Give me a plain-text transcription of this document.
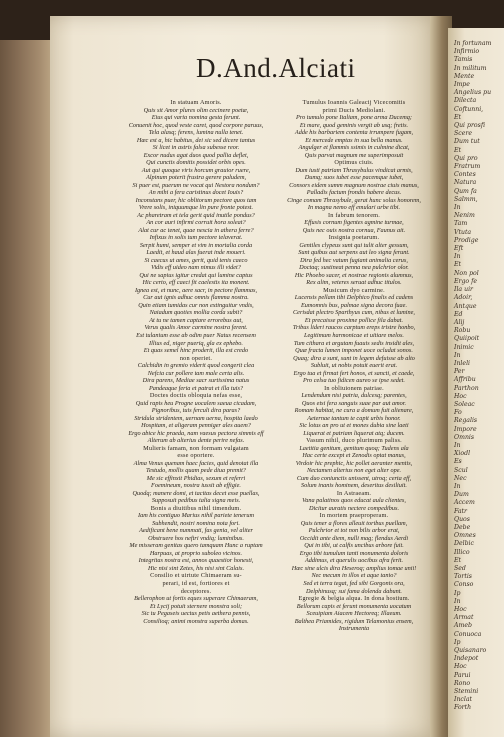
In fortunam
Infirmio
Tamis
In militum
Mente
Impe
Angelius pu
Dilecta
Coftunni,
Et
Qui prosfi
Scere
Dum tut
Et
Qui pro
Fratrum
Contes
Natura
Qum fa
Salmm,
In
Nenim
Tam
Vtuta
Prodige
Eft
In
Et
Non pol
Ergo fe
Ila uir
Adoir,
Antque
Ed
Alij
Robu
Quiipoit
Inimic
In
Inleli
Per
Affribu
Parthon
Hoc
Soleac
Fo
Regalis
Impore
Omnis
In
Xiodl
Es
Scul
Nec
In
Dum
Accem
Fatr
Quos
Debe
Omnes
Delbic
Illico
Et
Sed
Tortis
Conso
Ip
In
Hoc
Armat
Ameb
Conuoca
Ip
Quisanaro
Indepot
Hoc
Parui
Rono
Stemini
Inclat
Forth
D.And.Alciati
In statuam Amoris.
Quis sit Amor plures olim cecinere poetæ,
Eius qui varia nomina gesta ferunt.
Conuenit hoc, quod veste caret, quod corpore paruus,
Tela alasq; ferens, lumina nulla tenet.
Hæc est a, hic habitus, dei sic sed dicere tantus
Si licet in astris falsa subesse reor.
Excor nudus agat duos quod pallia deflet,
Qui cunctis domitis possidet orbis opes.
Aut qui quoque viris horcum grauior ruere,
Alpinum poterit frustra gerere paludem,
Si puer est, puerum ne vocat qui Nestora nondum?
An mihi a fera caristinus docet Iouis?
Inconstans puer, hic oblitorum pectore quos tam
Vrere solis, iniquumque lin pure fronte potest.
Ac pharetram et tela gerit quid inutile pondus?
An cor auri infirmi corruit hora soleat?
Alat cur ac tenet, quae nescia in athera ferre?
Infixus in solis tum pectore telaverat.
Serpit humi, semper et vim in mortalia corda
Laedit, et haud alas fuerat inde moueri.
Si caecus ut ames, gerit, quid tenis caeco
Vidis eff uideo nam nimus illi videt?
Qui ne sapius igitur credat qui lumine captus
Hic certo, eff caeci fit caelestis ita monent.
Ignea est, et nunc, aere sacr, in pectore flammas,
Cur aut ignis adhuc omnis flamma nostra.
Quin etiam tumidas cur non extinguitur vndis,
Naiadum quoties mollia corda subit?
At tu ne tamen captare errorebus aut,
Verus qualis Amor carmine nostra ferent.
Est tulanium esse ab odim puer Natus recensem
Illius ed, niger pueriq, gla ex ephebo.
Et quas semel hinc proderit, illa est credo
non operiet.
Calchidin in gremio viderit quod congerit clea
Nefcia cur pollere tam male certa alis.
Dira parens, Mediae sacr surtissima natus
Pandeaque feria et patrat et illa tuis?
Doctes doctis obloquia nefas esse,
Quid rapis heu Progne uocalem saeua cicadam,
Pignoribus, tuis ferculi dira paras?
Stridula stridentem, uernam uerna, hospita laedo
Hospitam, et aligeram penniger ales auem?
Ergo abice hic praeda, nam vaesus pectora simmis eff
Alterum ab alterius dente perire nefas.
Mulieris famam, non formam vulgatam
esse oportere.
Alma Venus quenam haec facies, quid denotat illa
Testudo, mollis quam pede diua premit?
Me sic effinxit Phidias, sexum et referri
Foemineum, nostra iussit ab effigie.
Quodq; manere domi, et tacitas decet esse puellas,
Supposuit pedibus talia signa meis.
Bonis a diuitibus nihil timendum.
Iam his contiguo Marius nihil pariete tenerum
Subhendit, nostri nomina nota fori.
Aedificant bene nummati, fas genia, vel aliter
Obstruere hos neftri vndiq; luminibus.
Me misseram genitas quero tamquam Hunc a ruptam
Harpuas, at proprio suboleo vicinos.
Integritas nostra est, annos quaestior honesti,
Hic nisi sint Zetes, his nisi sint Calais.
Consilio et uirtute Chimaeram su-
perari, id est, fortiores et
deceptores.
Bellerophon ut fortis eques superare Chimaeram,
Et Lycij potuit sternere monstra soli;
Sic tu Pegaseis uectus petis aethera pennis,
Consilioq; animi monstra superba domas.
Tumulus Ioannis Galeacij Vicecomitis
primi Ducis Mediolani.
Pro tumulo pone Italiam, pone arma Ducemq;
Et mare, quod geminis vergit ab usq; fretis.
Adde his barbariem contenta irrumpere fugam,
Et mercede emptas in sua bella manus.
Angulger et flammis ssimis in culmine dicat,
Quis parvat magnum me superimposuit
Optimus ciuis.
Dum iusti patriam Thrasybulus vindicat armis,
Dumq; suos iubet esse pacemque iubet,
Consors eidem summ magnum nostrae ciuis manus,
Palladis factum frondis habere decus.
Cinge comam Thrasybule, gerat hunc solus honorem,
In magna nemo eff emulari urbe tibi.
In fabrum tenorem.
Effusis cornum figentes agmine turmae,
Quis nec ouis nostra cornua, Faunus ait.
Insignia poetarum.
Gentiles clypeus sunt qui tulit alter gessum,
Sunt quibus aut serpens aut leo signa ferunt.
Dira fed hec vatum fugiant animalia cerus,
Doctaq; sustineat penna nea pulchrior olor.
Hic Phoebo sacer, et nostrae regionis alumnus,
Rex alim, veteres seruat adhuc titulos.
Musicum dyo carmine.
Lucensis pellam tibi Delphico finalis ed cadens
Eumomnis bus, palmae signa decora fuae.
Cerisdat plectro Sparthyus cum, nibus et lumine,
Et precaisse proxime pollice fila dabat.
Tribus lideri raucos carptum ereps tristre honbo,
Legitimum harmonicae et uitiare melos.
Tum cithara et argutam fuauis sedis insidit ales,
Quæ fracta lumen imponet uoce ocludat sonos.
Quaq; dira a sunt, sunt in legem defuisse ab alto
Subluit, ut nobis potuit euerit erat.
Ergo tua et firmat fert honos, et sancti, et caede,
Pro celsa tuo fidicen aureo se ipse sedet.
In obliuionem patriae.
Lendendum nisi patria, dulcesq; parentes,
Quos etsi fera sanguis suae par aut amor.
Romam habitat, ne cura a domum fuit alienare,
Aeternae tantum te capit urbis honor.
Sic lotus an pro ut et mones dubia sine laeti
Liquerat et patriam liquerat atq; ducem.
Vasum nihil, duco plurimum paliss.
Laetitia genitum, genitum quoq; Tudens ala
Hac certe except et Zenodis optat manus,
Virdoir hic prephic, hic pollet aeranter mentis,
Nectamen alterius non eget alter ope.
Cum duo coniunctis unissent, utroq; certa eff,
Solum inanis hominem, deseritus desiliuit.
In Astraeam.
Vana palatinos quos educat aula clientes,
Dicitur auratis nectere compedibus.
In mortem praeproperam.
Quis tener a flores alleuit toribus puellam,
Pulchrior et tot non bilis arbor erat,
Occidit ante diem, nulli mag; flendus Aerdi
Qui in tibi, ut calfis uncibus arbore fuit.
Ergo tibi tumulum tanti monumenta doloris
Addimus, et querulis uocibus afra ferit.
Hæc sine ulcis dira Heseroq; amplius tomae unii!
Nec mecum in illos et aque tanio?
Sed et terra tegat, fed sibi Gorgonis ora,
Delphinusq; sui fama dolenda dabunt.
Egregie & belgia alqua. In dona hostium.
Bellorum capis et ferunt monumenta uocatum
Sceuipiam Aiacem Hectoreq; Illaeum.
Balthea Priamides, rigidum Telamonius ensem,
Instrumenta
